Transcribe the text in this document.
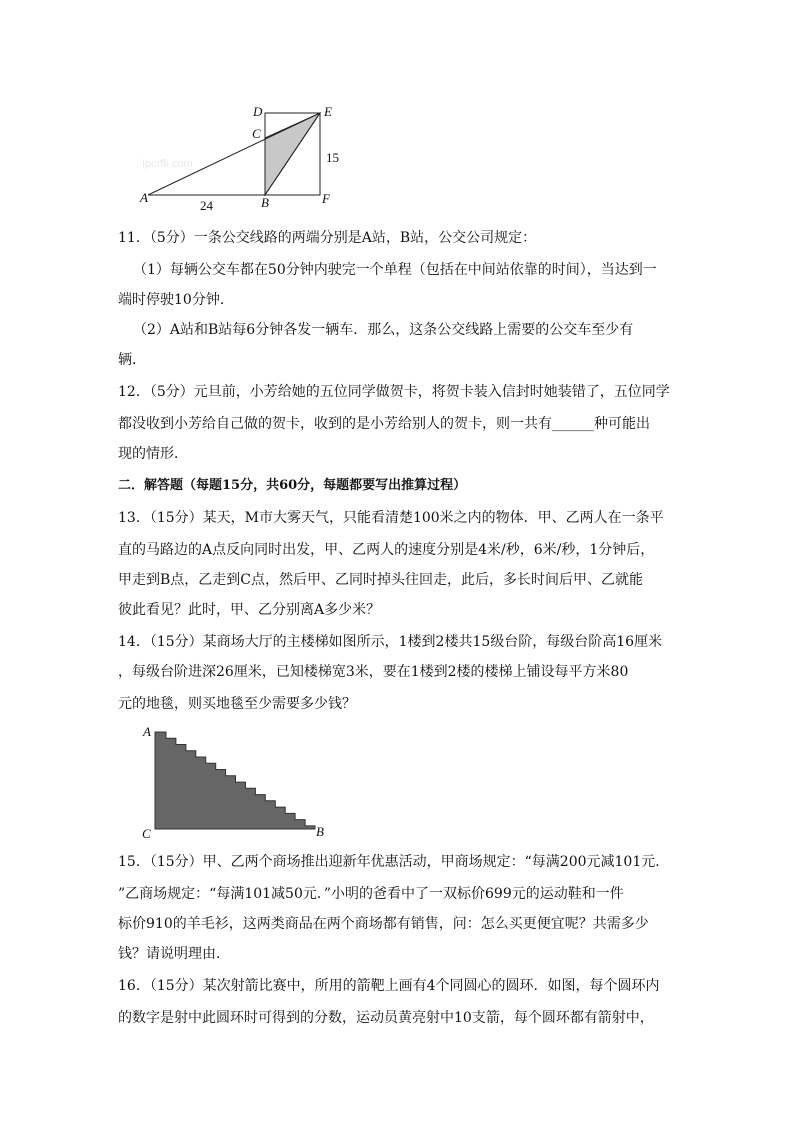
Ipcrfk.com
D	E
C
15
A
24	B	F
11．（5分）一条公交线路的两端分别是A站，B站，公交公司规定：
（1）每辆公交车都在50分钟内驶完一个单程（包括在中间站依靠的时间），当达到一
端时停驶10分钟．
（2）A站和B站每6分钟各发一辆车．那么，这条公交线路上需要的公交车至少有
辆．
12．（5分）元旦前，小芳给她的五位同学做贺卡，将贺卡装入信封时她装错了，五位同学
都没收到小芳给自己做的贺卡，收到的是小芳给别人的贺卡，则一共有______种可能出
现的情形．
二．解答题（每题15分，共60分，每题都要写出推算过程）
13．（15分）某天，M市大雾天气，只能看清楚100米之内的物体．甲、乙两人在一条平
直的马路边的A点反向同时出发，甲、乙两人的速度分别是4米/秒，6米/秒，1分钟后，
甲走到B点，乙走到C点，然后甲、乙同时掉头往回走，此后，多长时间后甲、乙就能
彼此看见？此时，甲、乙分别离A多少米？
14．（15分）某商场大厅的主楼梯如图所示，1楼到2楼共15级台阶，每级台阶高16厘米
，每级台阶进深26厘米，已知楼梯宽3米，要在1楼到2楼的楼梯上铺设每平方米80
元的地毯，则买地毯至少需要多少钱？
A
C	B
15．（15分）甲、乙两个商场推出迎新年优惠活动，甲商场规定：“每满200元减101元．
”乙商场规定：“每满101减50元．”小明的爸看中了一双标价699元的运动鞋和一件
标价910的羊毛衫，这两类商品在两个商场都有销售，问：怎么买更便宜呢？共需多少
钱？请说明理由．
16．（15分）某次射箭比赛中，所用的箭靶上画有4个同圆心的圆环．如图，每个圆环内
的数字是射中此圆环时可得到的分数，运动员黄亮射中10支箭，每个圆环都有箭射中，
